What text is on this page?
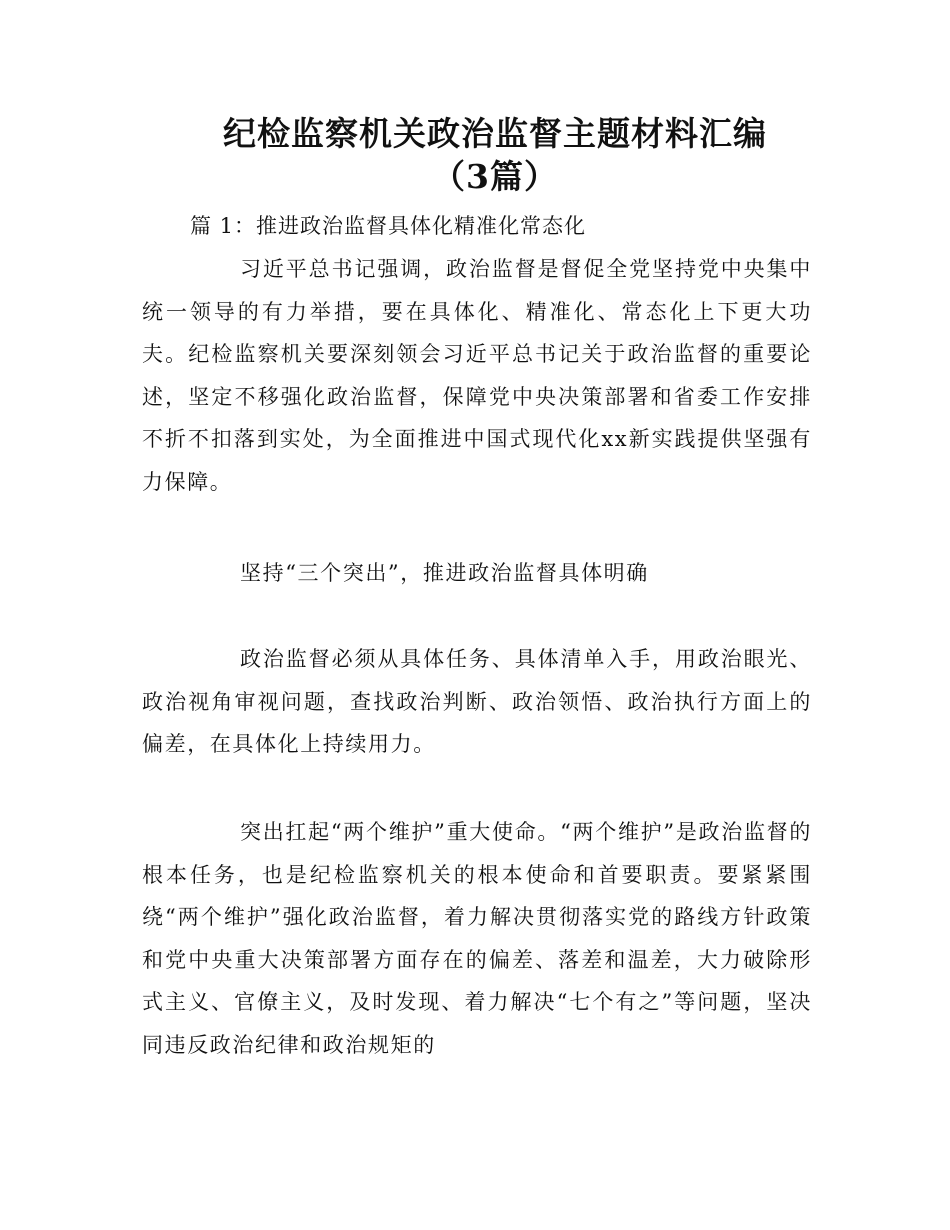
纪检监察机关政治监督主题材料汇编
（3篇）
篇 1：推进政治监督具体化精准化常态化

习近平总书记强调，政治监督是督促全党坚持党中央集中统一领导的有力举措，要在具体化、精准化、常态化上下更大功夫。纪检监察机关要深刻领会习近平总书记关于政治监督的重要论述，坚定不移强化政治监督，保障党中央决策部署和省委工作安排不折不扣落到实处，为全面推进中国式现代化xx新实践提供坚强有力保障。

坚持“三个突出”，推进政治监督具体明确

政治监督必须从具体任务、具体清单入手，用政治眼光、政治视角审视问题，查找政治判断、政治领悟、政治执行方面上的偏差，在具体化上持续用力。

突出扛起“两个维护”重大使命。“两个维护”是政治监督的根本任务，也是纪检监察机关的根本使命和首要职责。要紧紧围绕“两个维护”强化政治监督，着力解决贯彻落实党的路线方针政策和党中央重大决策部署方面存在的偏差、落差和温差，大力破除形式主义、官僚主义，及时发现、着力解决“七个有之”等问题，坚决同违反政治纪律和政治规矩的
